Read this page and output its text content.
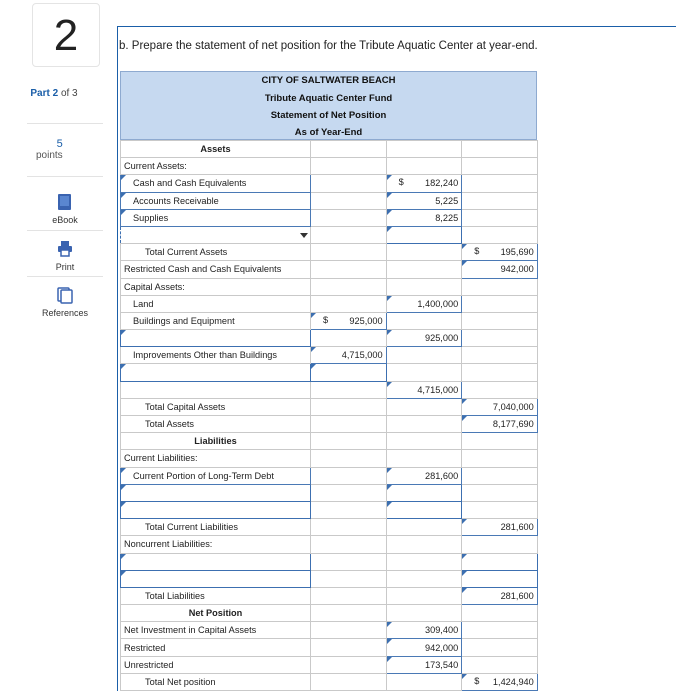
2
Part 2 of 3
5
points
eBook
Print
References
b. Prepare the statement of net position for the Tribute Aquatic Center at year-end.
CITY OF SALTWATER BEACH
Tribute Aquatic Center Fund
Statement of Net Position
As of Year-End
Assets			
Current Assets:			
Cash and Cash Equivalents		$ 182,240	
Accounts Receivable		5,225	
Supplies		8,225	

Total Current Assets			$ 195,690
Restricted Cash and Cash Equivalents			942,000
Capital Assets:			
Land		1,400,000	
Buildings and Equipment	$ 925,000		
		925,000	
Improvements Other than Buildings	4,715,000		

		4,715,000	
Total Capital Assets			7,040,000
Total Assets			8,177,690
Liabilities			
Current Liabilities:			
Current Portion of Long-Term Debt		281,600	

Total Current Liabilities			281,600
Noncurrent Liabilities:			

Total Liabilities			281,600
Net Position			
Net Investment in Capital Assets		309,400	
Restricted		942,000	
Unrestricted		173,540	
Total Net position			$ 1,424,940
